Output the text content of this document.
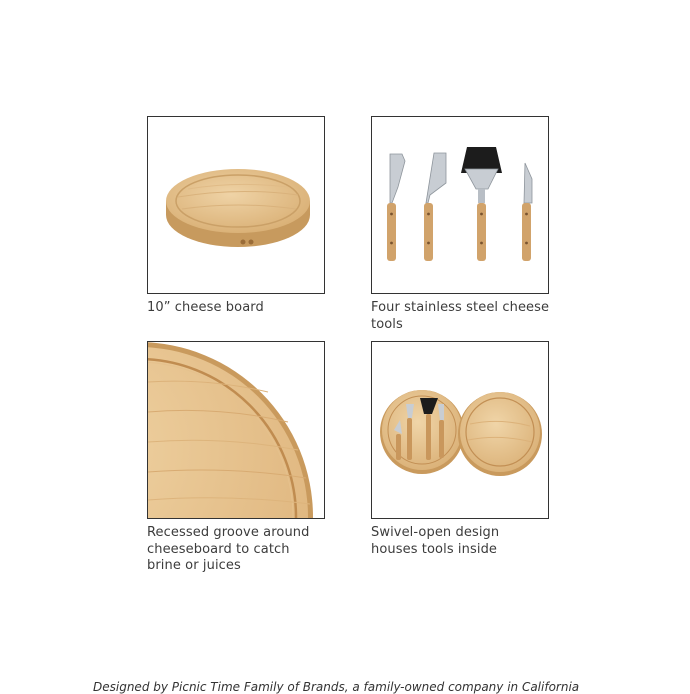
10” cheese board	Four stainless steel cheese tools
Recessed groove around cheeseboard to catch brine or juices
Swivel-open design houses tools inside
Designed by Picnic Time Family of Brands, a family-owned company in California
